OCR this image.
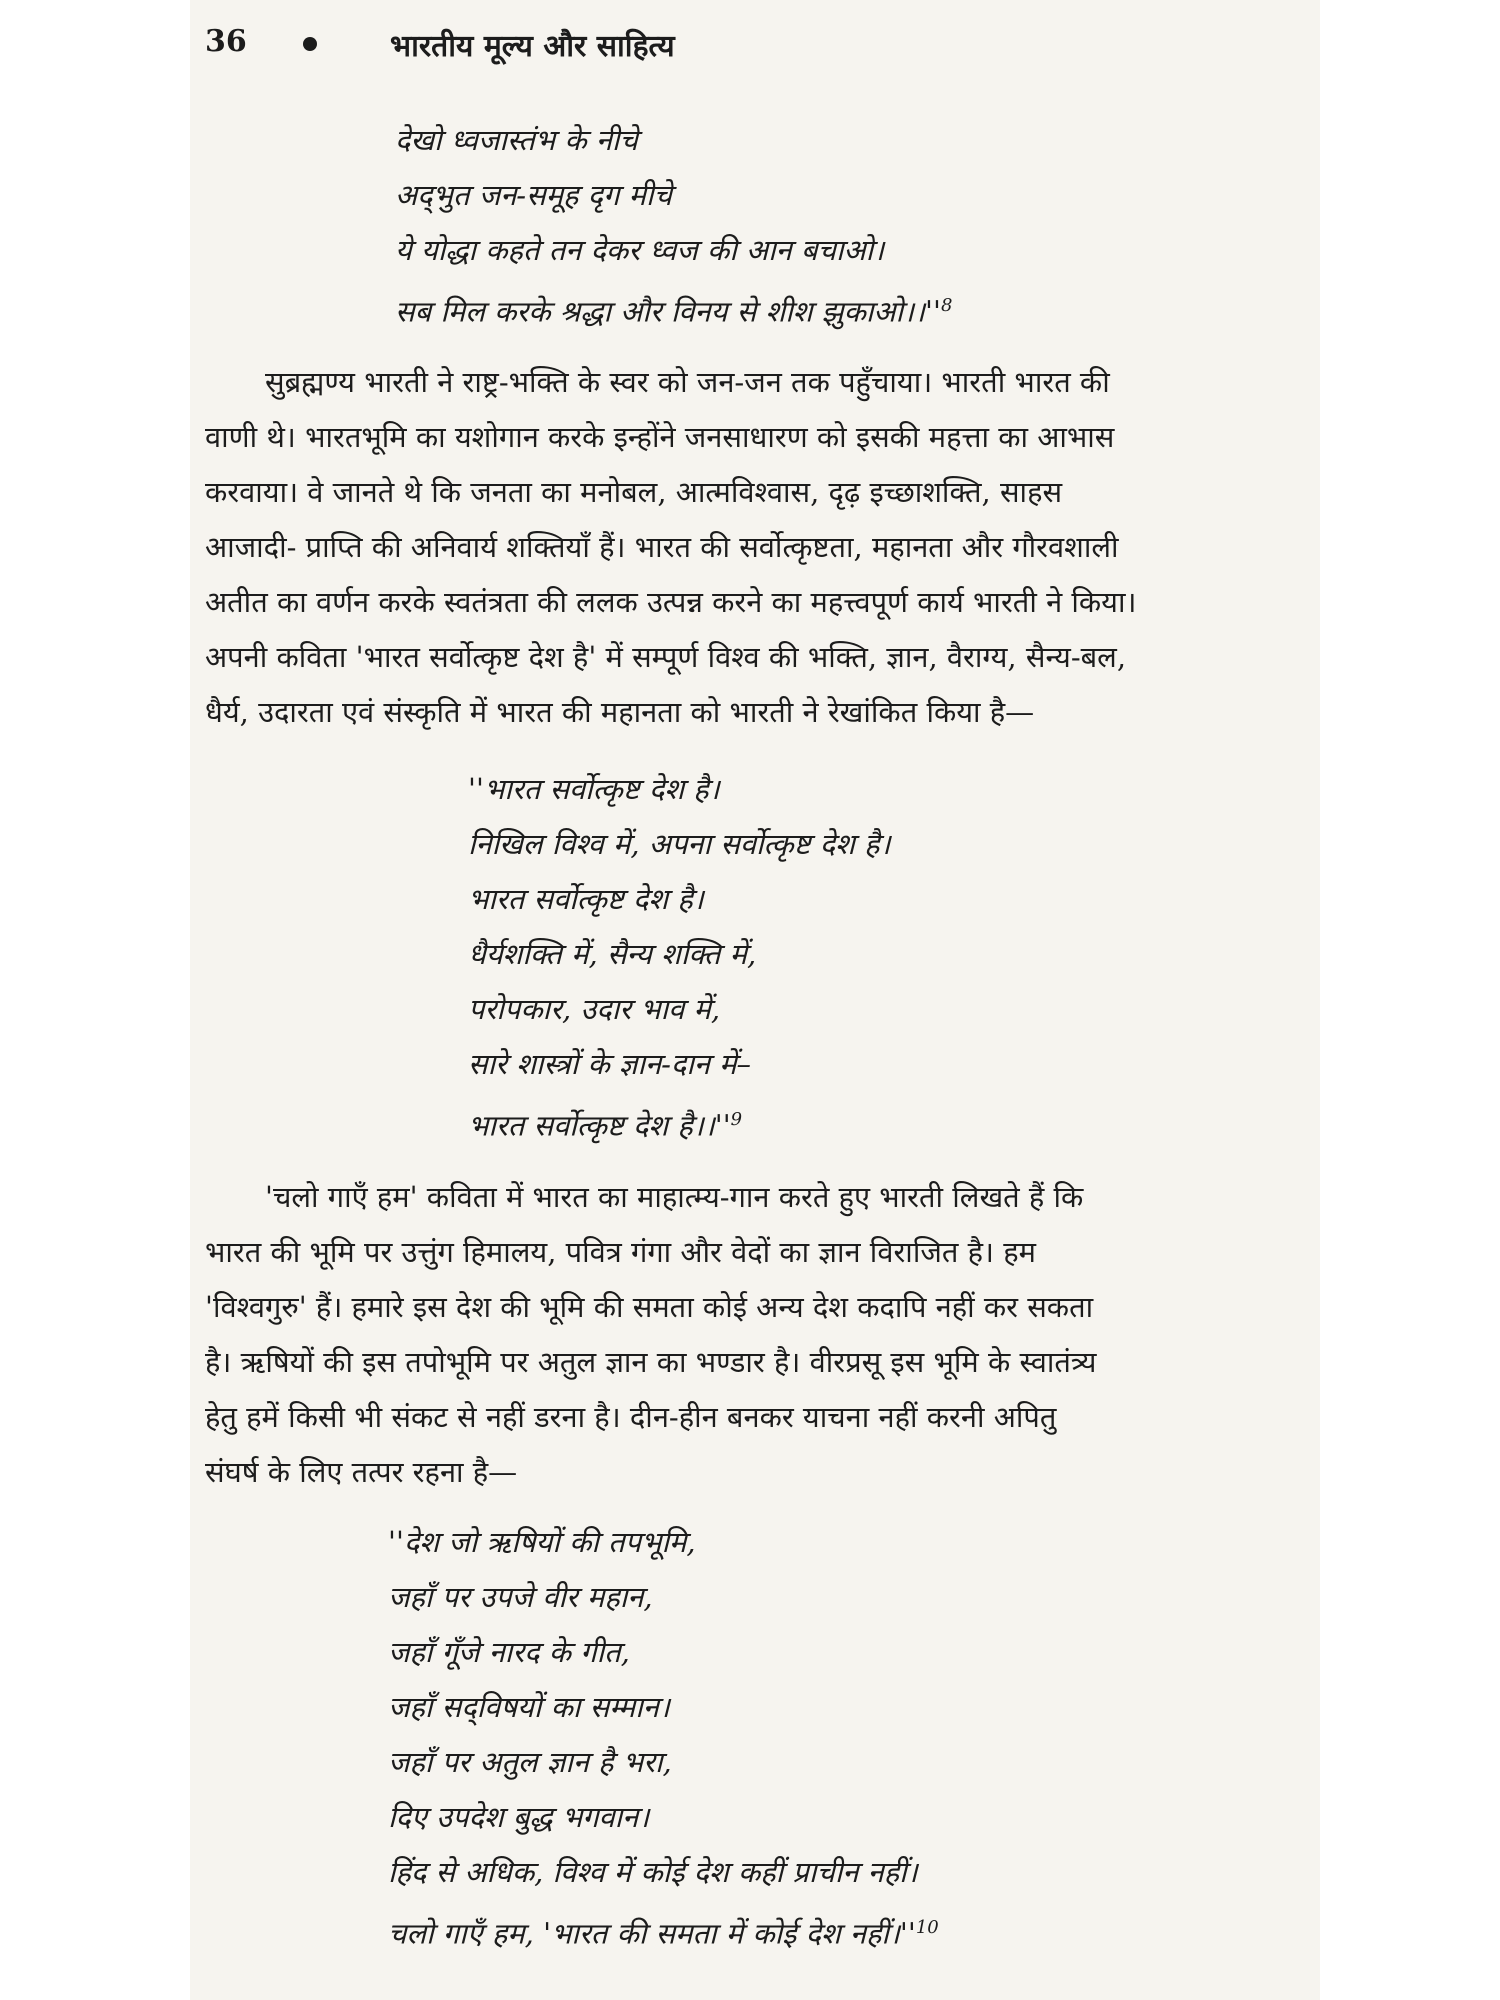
36	भारतीय मूल्य और साहित्य
देखो ध्वजास्तंभ के नीचे
अद्‌भुत जन-समूह दृग मीचे
ये योद्धा कहते तन देकर ध्वज की आन बचाओ।
सब मिल करके श्रद्धा और विनय से शीश झुकाओ।।''$^8$
सुब्रह्मण्य भारती ने राष्ट्र-भक्ति के स्वर को जन-जन तक पहुँचाया। भारती भारत की
वाणी थे। भारतभूमि का यशोगान करके इन्होंने जनसाधारण को इसकी महत्ता का आभास
करवाया। वे जानते थे कि जनता का मनोबल, आत्मविश्वास, दृढ़ इच्छाशक्ति, साहस
आजादी- प्राप्ति की अनिवार्य शक्तियाँ हैं। भारत की सर्वोत्कृष्टता, महानता और गौरवशाली
अतीत का वर्णन करके स्वतंत्रता की ललक उत्पन्न करने का महत्त्वपूर्ण कार्य भारती ने किया।
अपनी कविता 'भारत सर्वोत्कृष्ट देश है' में सम्पूर्ण विश्व की भक्ति, ज्ञान, वैराग्य, सैन्य-बल,
धैर्य, उदारता एवं संस्कृति में भारत की महानता को भारती ने रेखांकित किया है—
''भारत सर्वोत्कृष्ट देश है।
निखिल विश्व में, अपना सर्वोत्कृष्ट देश है।
भारत सर्वोत्कृष्ट देश है।
धैर्यशक्ति में, सैन्य शक्ति में,
परोपकार, उदार भाव में,
सारे शास्त्रों के ज्ञान-दान में–
भारत सर्वोत्कृष्ट देश है।।''$^9$
'चलो गाएँ हम' कविता में भारत का माहात्म्य-गान करते हुए भारती लिखते हैं कि
भारत की भूमि पर उत्तुंग हिमालय, पवित्र गंगा और वेदों का ज्ञान विराजित है। हम
'विश्वगुरु' हैं। हमारे इस देश की भूमि की समता कोई अन्य देश कदापि नहीं कर सकता
है। ऋषियों की इस तपोभूमि पर अतुल ज्ञान का भण्डार है। वीरप्रसू इस भूमि के स्वातंत्र्य
हेतु हमें किसी भी संकट से नहीं डरना है। दीन-हीन बनकर याचना नहीं करनी अपितु
संघर्ष के लिए तत्पर रहना है—
''देश जो ऋषियों की तपभूमि,
जहाँ पर उपजे वीर महान,
जहाँ गूँजे नारद के गीत,
जहाँ सद्‌विषयों का सम्मान।
जहाँ पर अतुल ज्ञान है भरा,
दिए उपदेश बुद्ध भगवान।
हिंद से अधिक, विश्व में कोई देश कहीं प्राचीन नहीं।
चलो गाएँ हम, 'भारत की समता में कोई देश नहीं।''$^{10}$
